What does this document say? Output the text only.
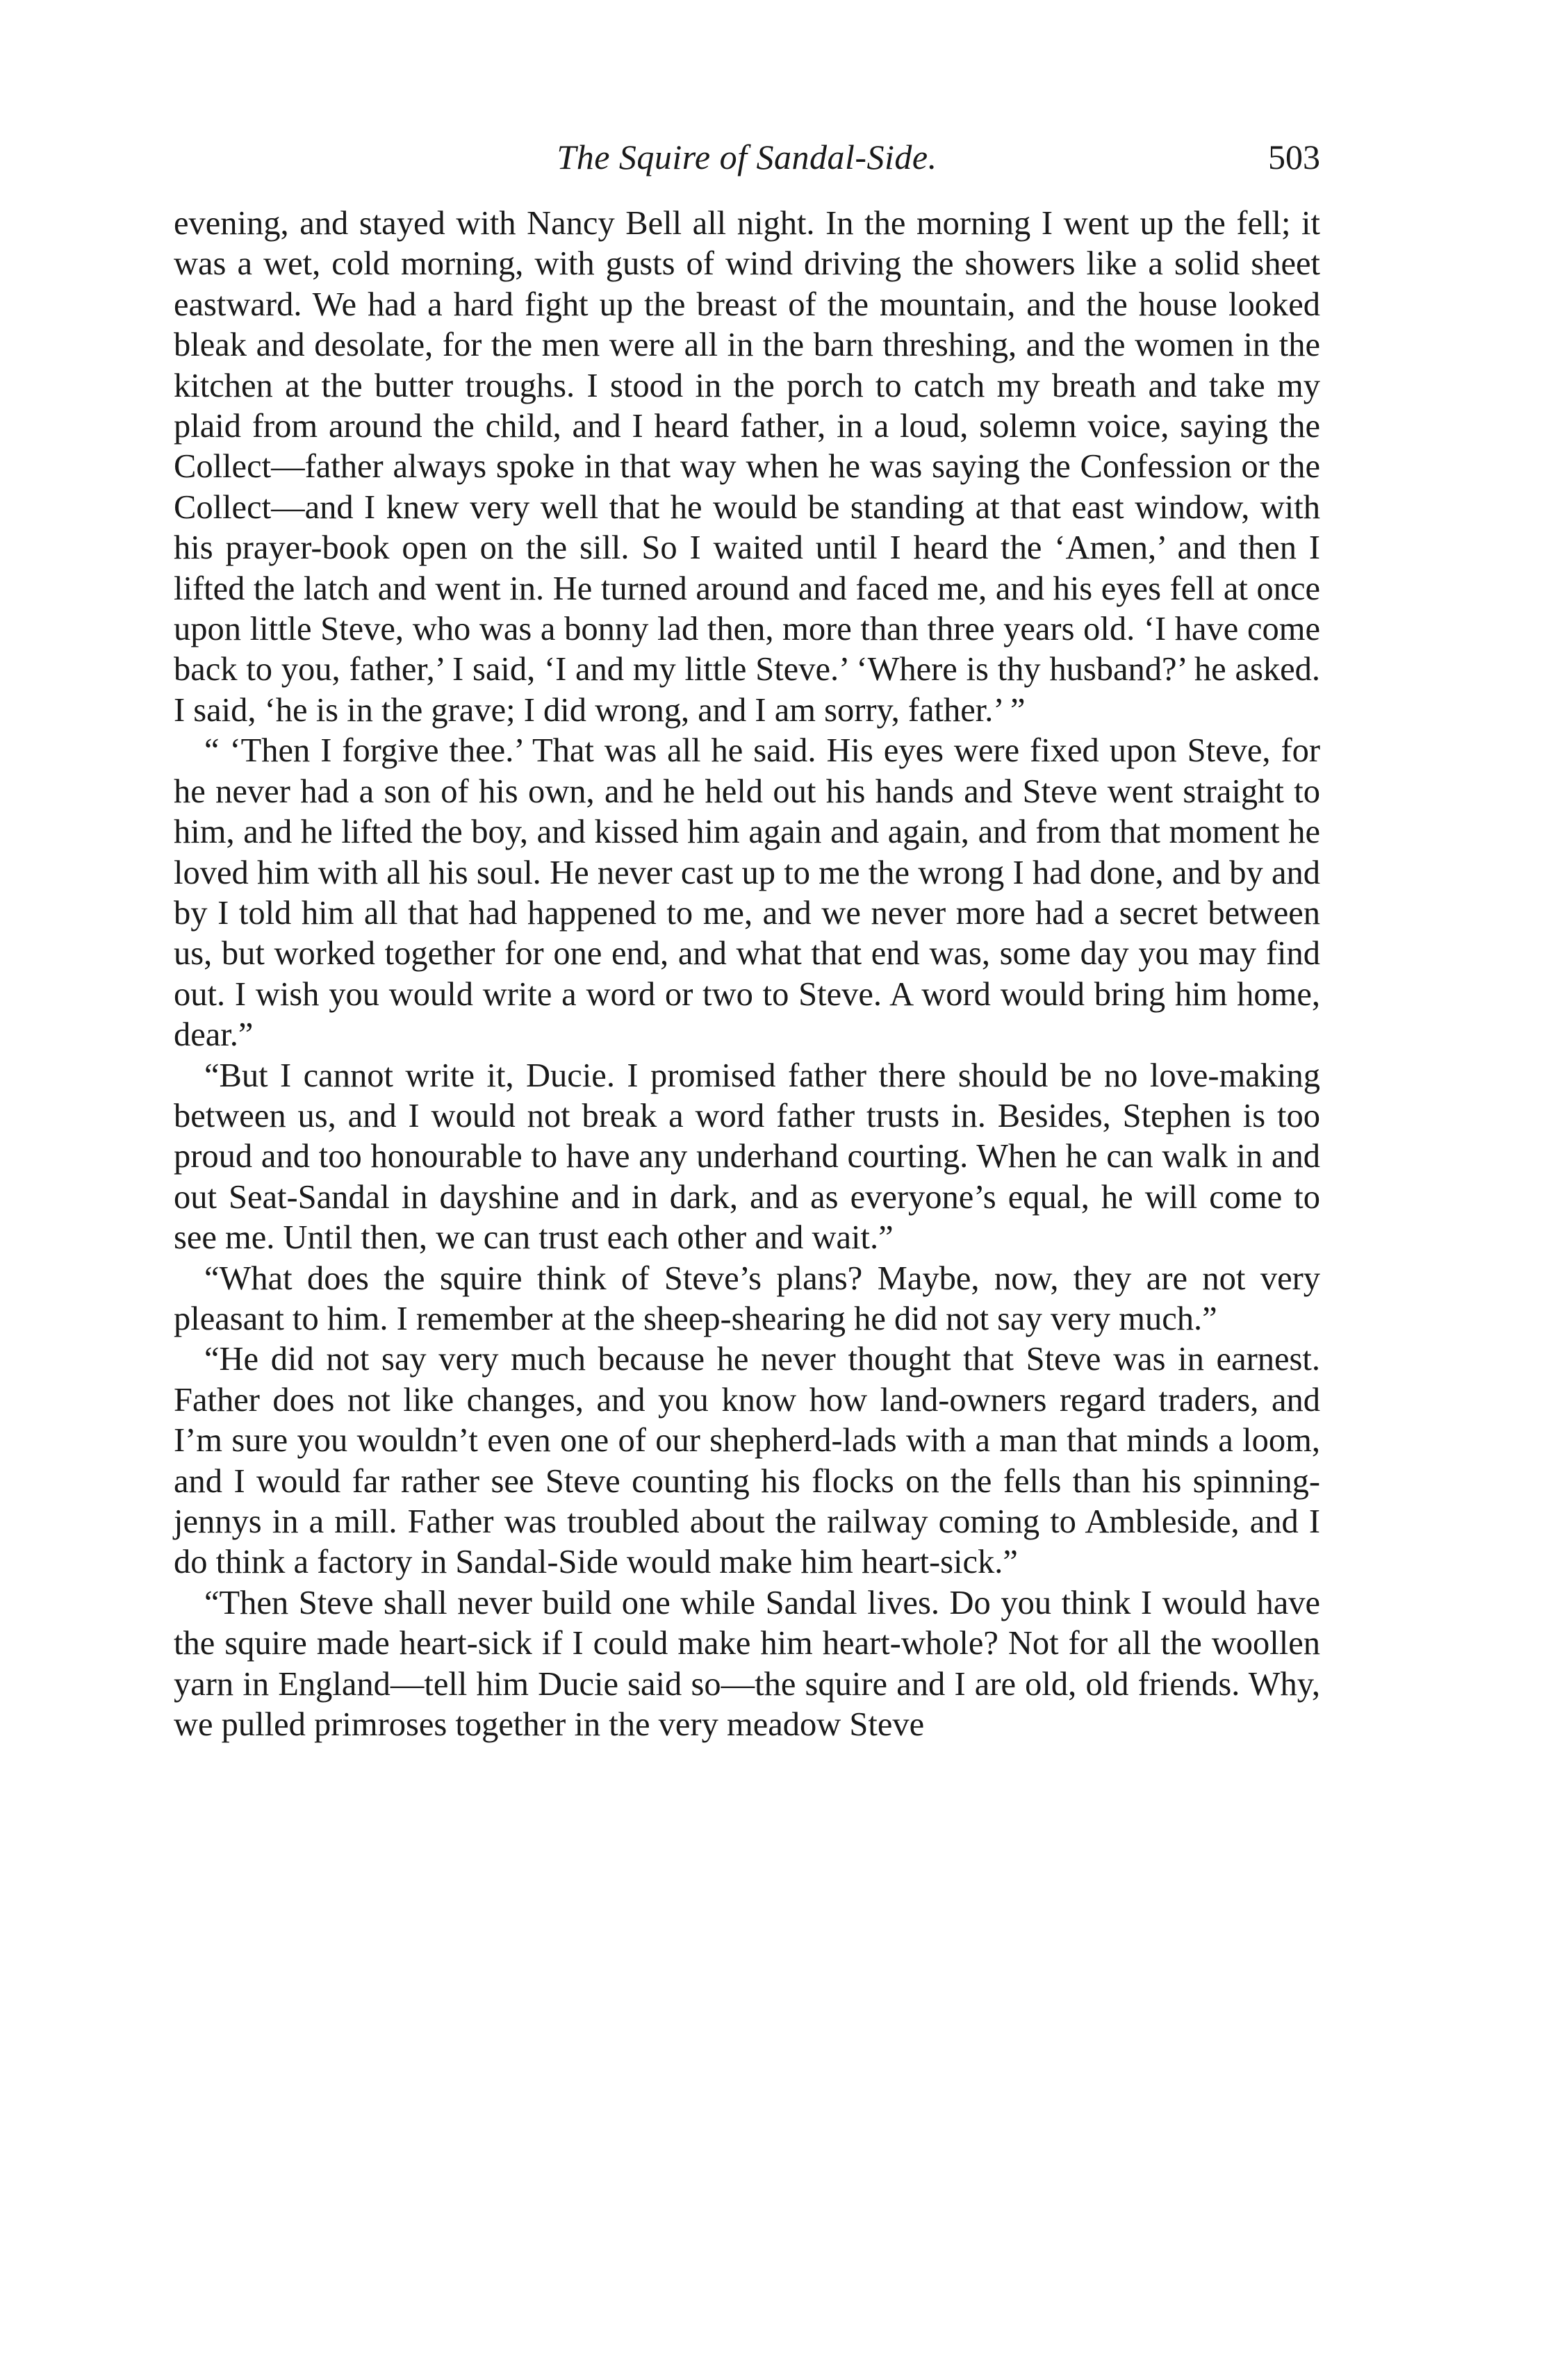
The Squire of Sandal-Side.	503

evening, and stayed with Nancy Bell all night. In the morning I went up the fell; it was a wet, cold morning, with gusts of wind driving the showers like a solid sheet eastward. We had a hard fight up the breast of the mountain, and the house looked bleak and desolate, for the men were all in the barn threshing, and the women in the kitchen at the butter troughs. I stood in the porch to catch my breath and take my plaid from around the child, and I heard father, in a loud, solemn voice, saying the Collect—father always spoke in that way when he was saying the Confession or the Collect—and I knew very well that he would be standing at that east window, with his prayer-book open on the sill. So I waited until I heard the ‘Amen,’ and then I lifted the latch and went in. He turned around and faced me, and his eyes fell at once upon little Steve, who was a bonny lad then, more than three years old. ‘I have come back to you, father,’ I said, ‘I and my little Steve.’ ‘Where is thy husband?’ he asked. I said, ‘he is in the grave; I did wrong, and I am sorry, father.’ ”

“ ‘Then I forgive thee.’ That was all he said. His eyes were fixed upon Steve, for he never had a son of his own, and he held out his hands and Steve went straight to him, and he lifted the boy, and kissed him again and again, and from that moment he loved him with all his soul. He never cast up to me the wrong I had done, and by and by I told him all that had happened to me, and we never more had a secret between us, but worked together for one end, and what that end was, some day you may find out. I wish you would write a word or two to Steve. A word would bring him home, dear.”

“But I cannot write it, Ducie. I promised father there should be no love-making between us, and I would not break a word father trusts in. Besides, Stephen is too proud and too honourable to have any underhand courting. When he can walk in and out Seat-Sandal in dayshine and in dark, and as everyone’s equal, he will come to see me. Until then, we can trust each other and wait.”

“What does the squire think of Steve’s plans? Maybe, now, they are not very pleasant to him. I remember at the sheep-shearing he did not say very much.”

“He did not say very much because he never thought that Steve was in earnest. Father does not like changes, and you know how land-owners regard traders, and I’m sure you wouldn’t even one of our shepherd-lads with a man that minds a loom, and I would far rather see Steve counting his flocks on the fells than his spinning-jennys in a mill. Father was troubled about the railway coming to Ambleside, and I do think a factory in Sandal-Side would make him heart-sick.”

“Then Steve shall never build one while Sandal lives. Do you think I would have the squire made heart-sick if I could make him heart-whole? Not for all the woollen yarn in England—tell him Ducie said so—the squire and I are old, old friends. Why, we pulled primroses together in the very meadow Steve
